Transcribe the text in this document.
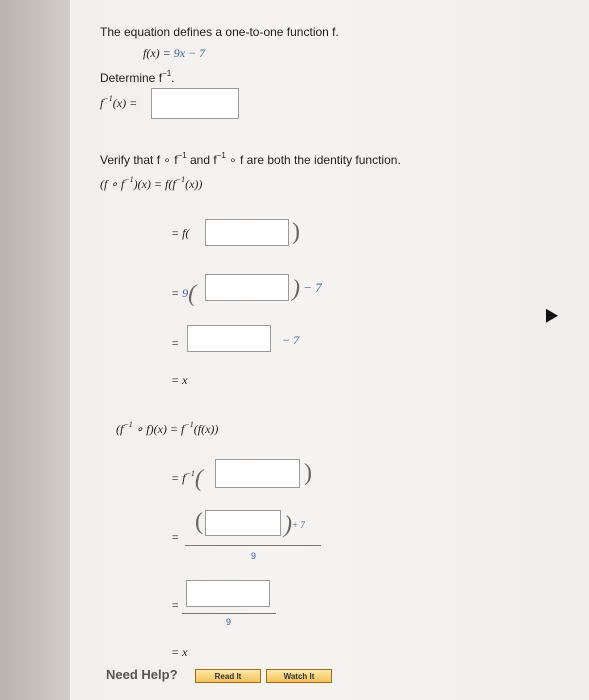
The equation defines a one-to-one function f.
f(x) = 9x − 7
Determine $f^{-1}$.
$f^{-1}(x)$ =
Verify that f ∘ $f^{-1}$ and $f^{-1}$ ∘ f are both the identity function.
(f ∘ $f^{-1})(x) = f(f^{-1}(x))$
= f(	)
= 9(	) − 7
=	− 7
= x
($f^{-1}$ ∘ $f)(x) = f^{-1}(f(x))$
= $f^{-1}$(	)
=
(	)+ 7
9
=
9
= x
Need Help?	Read It	Watch It
